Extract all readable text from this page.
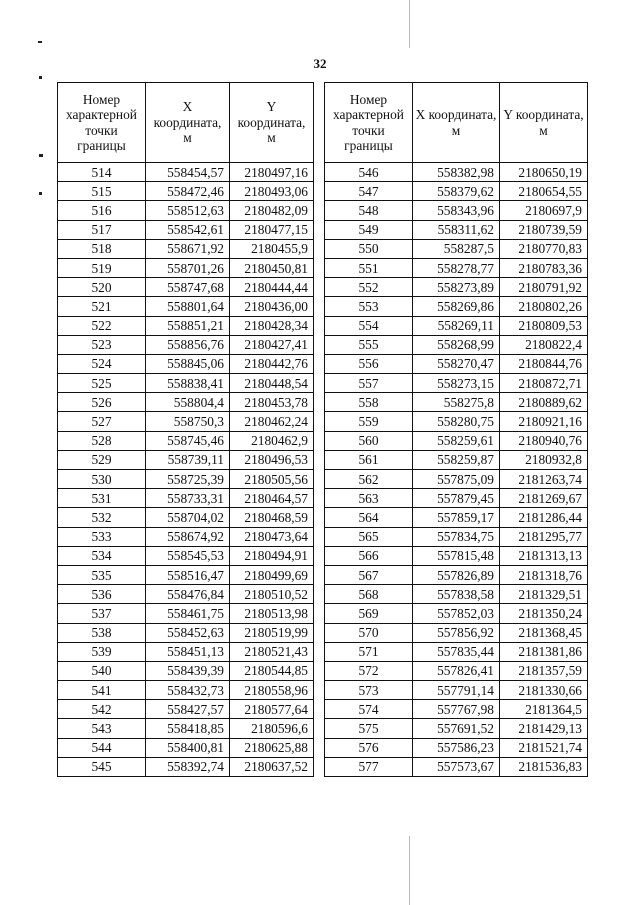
32
Номер характерной точки границы	X координата, м	Y координата, м
514	558454,57	2180497,16
515	558472,46	2180493,06
516	558512,63	2180482,09
517	558542,61	2180477,15
518	558671,92	2180455,9
519	558701,26	2180450,81
520	558747,68	2180444,44
521	558801,64	2180436,00
522	558851,21	2180428,34
523	558856,76	2180427,41
524	558845,06	2180442,76
525	558838,41	2180448,54
526	558804,4	2180453,78
527	558750,3	2180462,24
528	558745,46	2180462,9
529	558739,11	2180496,53
530	558725,39	2180505,56
531	558733,31	2180464,57
532	558704,02	2180468,59
533	558674,92	2180473,64
534	558545,53	2180494,91
535	558516,47	2180499,69
536	558476,84	2180510,52
537	558461,75	2180513,98
538	558452,63	2180519,99
539	558451,13	2180521,43
540	558439,39	2180544,85
541	558432,73	2180558,96
542	558427,57	2180577,64
543	558418,85	2180596,6
544	558400,81	2180625,88
545	558392,74	2180637,52
Номер характерной точки границы	X координата, м	Y координата, м
546	558382,98	2180650,19
547	558379,62	2180654,55
548	558343,96	2180697,9
549	558311,62	2180739,59
550	558287,5	2180770,83
551	558278,77	2180783,36
552	558273,89	2180791,92
553	558269,86	2180802,26
554	558269,11	2180809,53
555	558268,99	2180822,4
556	558270,47	2180844,76
557	558273,15	2180872,71
558	558275,8	2180889,62
559	558280,75	2180921,16
560	558259,61	2180940,76
561	558259,87	2180932,8
562	557875,09	2181263,74
563	557879,45	2181269,67
564	557859,17	2181286,44
565	557834,75	2181295,77
566	557815,48	2181313,13
567	557826,89	2181318,76
568	557838,58	2181329,51
569	557852,03	2181350,24
570	557856,92	2181368,45
571	557835,44	2181381,86
572	557826,41	2181357,59
573	557791,14	2181330,66
574	557767,98	2181364,5
575	557691,52	2181429,13
576	557586,23	2181521,74
577	557573,67	2181536,83
